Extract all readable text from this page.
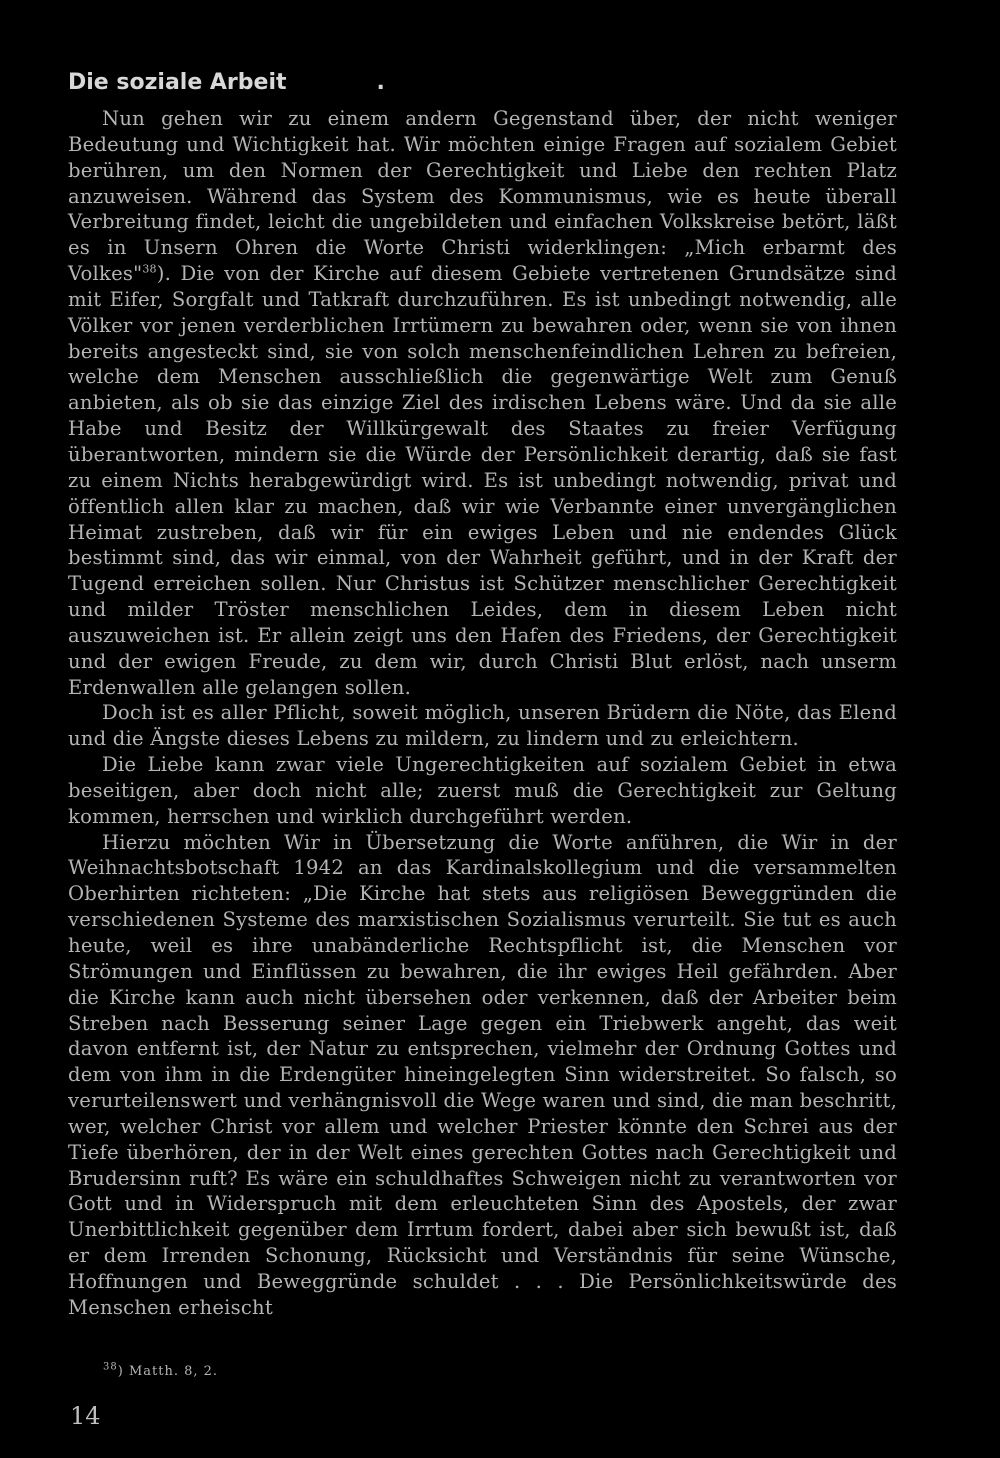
Die soziale Arbeit	.

Nun gehen wir zu einem andern Gegenstand über, der nicht weniger Bedeutung und Wichtigkeit hat. Wir möchten einige Fragen auf sozialem Gebiet berühren, um den Normen der Gerechtigkeit und Liebe den rechten Platz anzuweisen. Während das System des Kommunismus, wie es heute überall Verbreitung findet, leicht die ungebildeten und einfachen Volkskreise betört, läßt es in Unsern Ohren die Worte Christi widerklingen: „Mich erbarmt des Volkes"$^{38}$). Die von der Kirche auf diesem Gebiete vertretenen Grundsätze sind mit Eifer, Sorgfalt und Tatkraft durchzuführen. Es ist unbedingt notwendig, alle Völker vor jenen verderblichen Irrtümern zu bewahren oder, wenn sie von ihnen bereits angesteckt sind, sie von solch menschenfeindlichen Lehren zu befreien, welche dem Menschen ausschließlich die gegenwärtige Welt zum Genuß anbieten, als ob sie das einzige Ziel des irdischen Lebens wäre. Und da sie alle Habe und Besitz der Willkürgewalt des Staates zu freier Verfügung überantworten, mindern sie die Würde der Persönlichkeit derartig, daß sie fast zu einem Nichts herabgewürdigt wird. Es ist unbedingt notwendig, privat und öffentlich allen klar zu machen, daß wir wie Verbannte einer unvergänglichen Heimat zustreben, daß wir für ein ewiges Leben und nie endendes Glück bestimmt sind, das wir einmal, von der Wahrheit geführt, und in der Kraft der Tugend erreichen sollen. Nur Christus ist Schützer menschlicher Gerechtigkeit und milder Tröster menschlichen Leides, dem in diesem Leben nicht auszuweichen ist. Er allein zeigt uns den Hafen des Friedens, der Gerechtigkeit und der ewigen Freude, zu dem wir, durch Christi Blut erlöst, nach unserm Erdenwallen alle gelangen sollen.

Doch ist es aller Pflicht, soweit möglich, unseren Brüdern die Nöte, das Elend und die Ängste dieses Lebens zu mildern, zu lindern und zu erleichtern.

Die Liebe kann zwar viele Ungerechtigkeiten auf sozialem Gebiet in etwa beseitigen, aber doch nicht alle; zuerst muß die Gerechtigkeit zur Geltung kommen, herrschen und wirklich durchgeführt werden.

Hierzu möchten Wir in Übersetzung die Worte anführen, die Wir in der Weihnachtsbotschaft 1942 an das Kardinalskollegium und die versammelten Oberhirten richteten: „Die Kirche hat stets aus religiösen Beweggründen die verschiedenen Systeme des marxistischen Sozialismus verurteilt. Sie tut es auch heute, weil es ihre unabänderliche Rechtspflicht ist, die Menschen vor Strömungen und Einflüssen zu bewahren, die ihr ewiges Heil gefährden. Aber die Kirche kann auch nicht übersehen oder verkennen, daß der Arbeiter beim Streben nach Besserung seiner Lage gegen ein Triebwerk angeht, das weit davon entfernt ist, der Natur zu entsprechen, vielmehr der Ordnung Gottes und dem von ihm in die Erdengüter hineingelegten Sinn widerstreitet. So falsch, so verurteilenswert und verhängnisvoll die Wege waren und sind, die man beschritt, wer, welcher Christ vor allem und welcher Priester könnte den Schrei aus der Tiefe überhören, der in der Welt eines gerechten Gottes nach Gerechtigkeit und Brudersinn ruft? Es wäre ein schuldhaftes Schweigen nicht zu verantworten vor Gott und in Widerspruch mit dem erleuchteten Sinn des Apostels, der zwar Unerbittlichkeit gegenüber dem Irrtum fordert, dabei aber sich bewußt ist, daß er dem Irrenden Schonung, Rücksicht und Verständnis für seine Wünsche, Hoffnungen und Beweggründe schuldet . . . Die Persönlichkeitswürde des Menschen erheischt

$^{38}$) Matth. 8, 2.
14
